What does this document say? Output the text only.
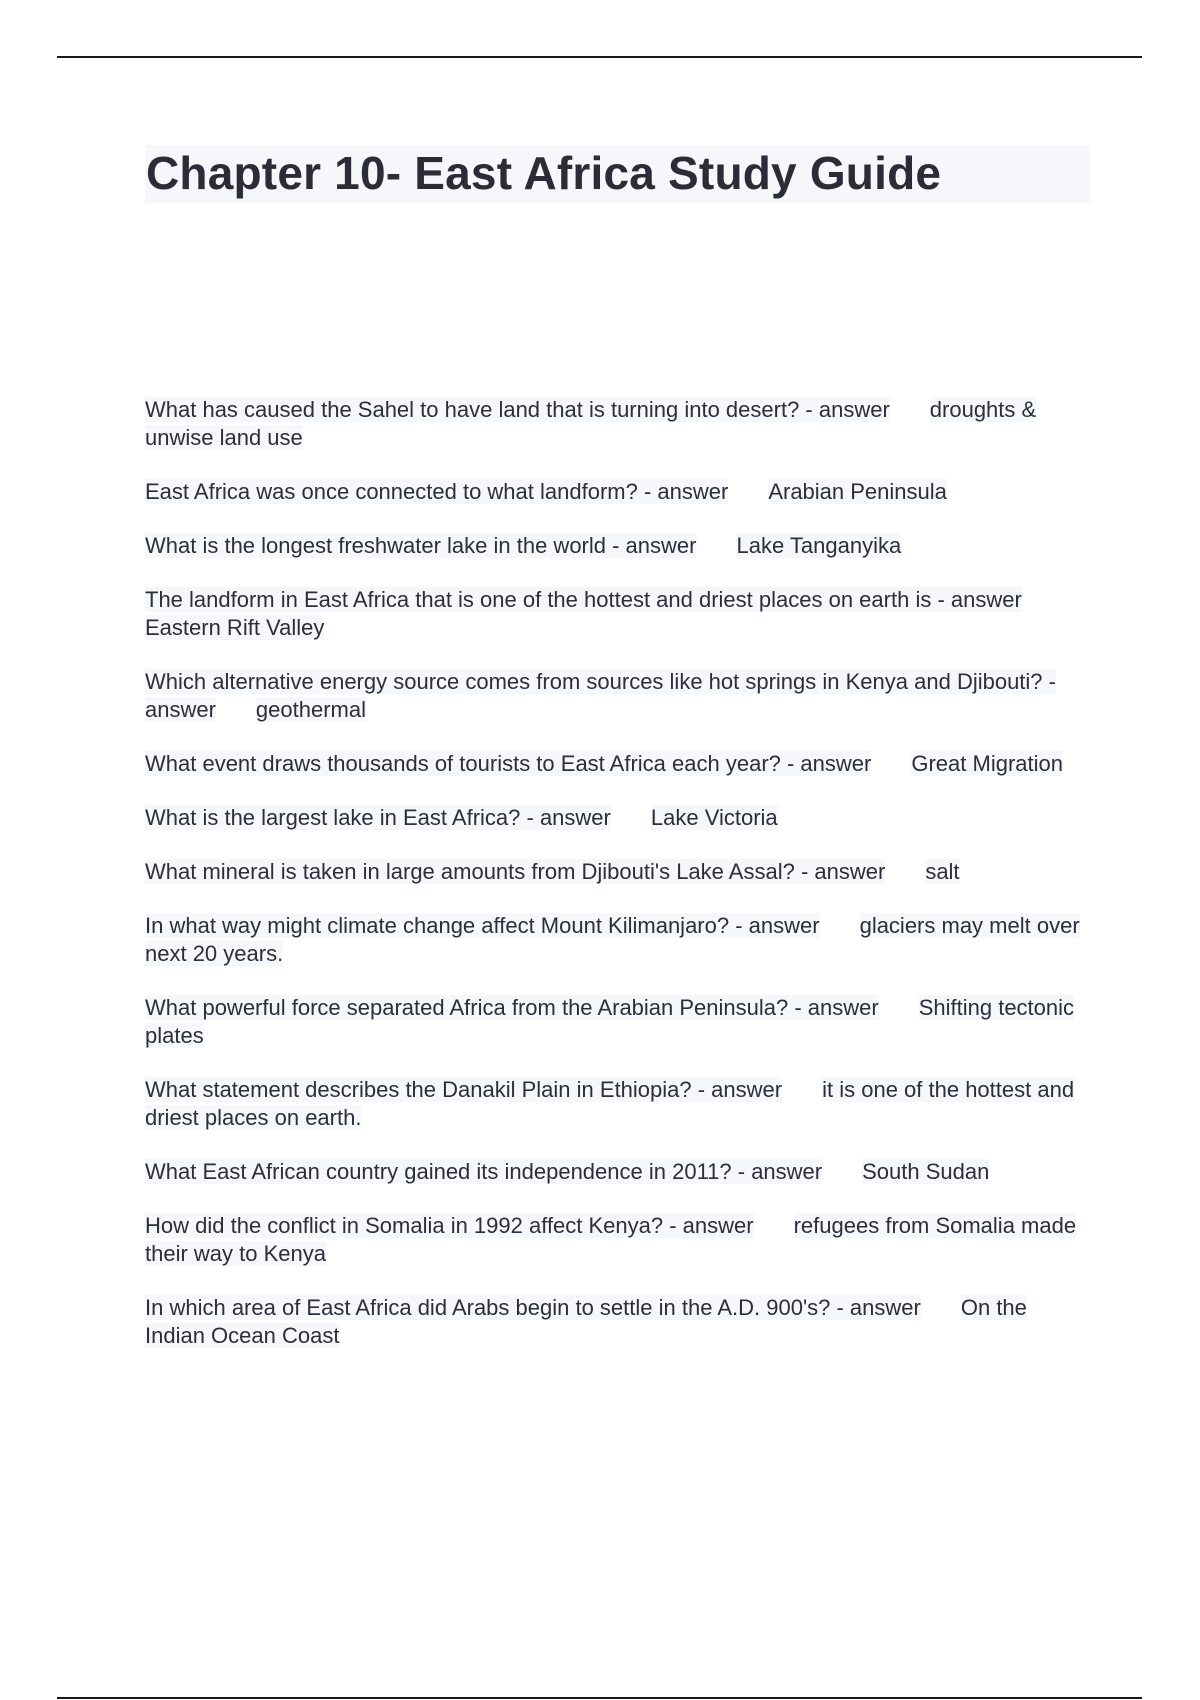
Chapter 10- East Africa Study Guide

What has caused the Sahel to have land that is turning into desert? - answer droughts & unwise land use

East Africa was once connected to what landform? - answer Arabian Peninsula

What is the longest freshwater lake in the world - answer Lake Tanganyika

The landform in East Africa that is one of the hottest and driest places on earth is - answerEastern Rift Valley

Which alternative energy source comes from sources like hot springs in Kenya and Djibouti? - answer geothermal

What event draws thousands of tourists to East Africa each year? - answer Great Migration

What is the largest lake in East Africa? - answer Lake Victoria

What mineral is taken in large amounts from Djibouti's Lake Assal? - answer salt

In what way might climate change affect Mount Kilimanjaro? - answer glaciers may melt over next 20 years.

What powerful force separated Africa from the Arabian Peninsula? - answer Shifting tectonic plates

What statement describes the Danakil Plain in Ethiopia? - answer it is one of the hottest and driest places on earth.

What East African country gained its independence in 2011? - answer South Sudan

How did the conflict in Somalia in 1992 affect Kenya? - answer refugees from Somalia made their way to Kenya

In which area of East Africa did Arabs begin to settle in the A.D. 900's? - answer On the Indian Ocean Coast
